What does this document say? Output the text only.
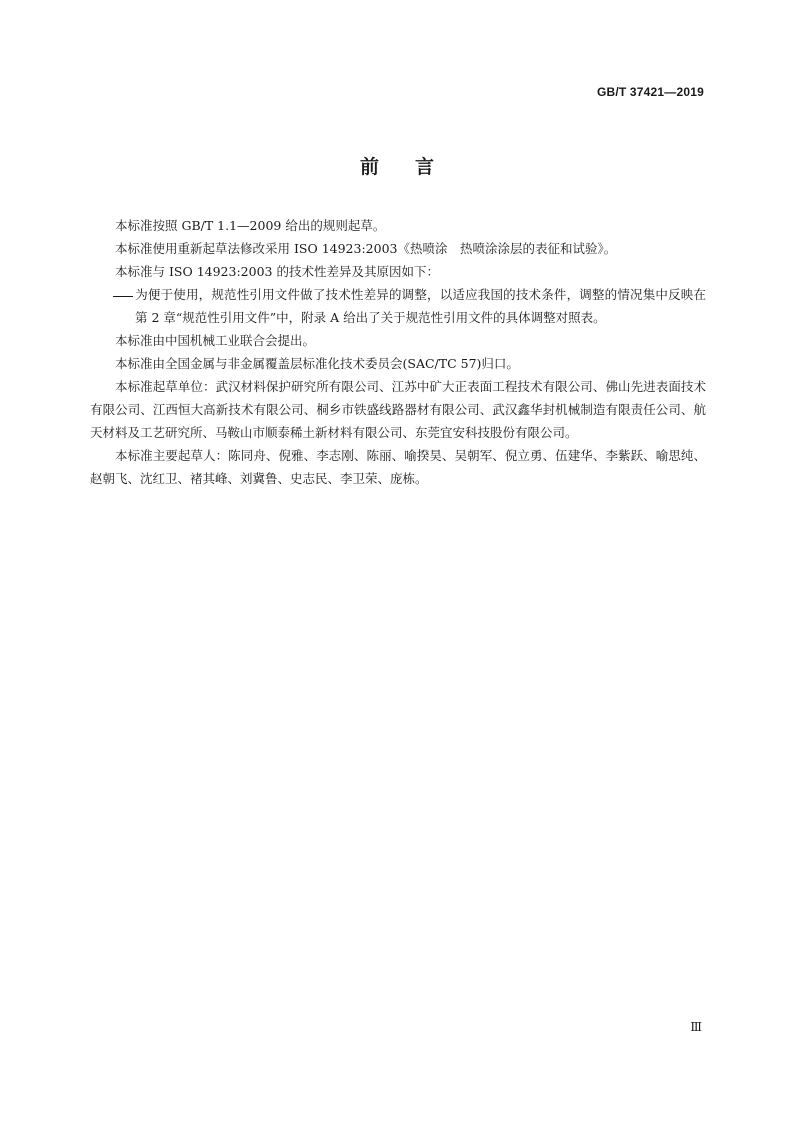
GB/T 37421—2019
前言

本标准按照 GB/T 1.1—2009 给出的规则起草。

本标准使用重新起草法修改采用 ISO 14923:2003《热喷涂　热喷涂涂层的表征和试验》。

本标准与 ISO 14923:2003 的技术性差异及其原因如下：

为便于使用，规范性引用文件做了技术性差异的调整，以适应我国的技术条件，调整的情况集中反映在第 2 章“规范性引用文件”中，附录 A 给出了关于规范性引用文件的具体调整对照表。

本标准由中国机械工业联合会提出。

本标准由全国金属与非金属覆盖层标准化技术委员会(SAC/TC 57)归口。

本标准起草单位：武汉材料保护研究所有限公司、江苏中矿大正表面工程技术有限公司、佛山先进表面技术有限公司、江西恒大高新技术有限公司、桐乡市铁盛线路器材有限公司、武汉鑫华封机械制造有限责任公司、航天材料及工艺研究所、马鞍山市顺泰稀土新材料有限公司、东莞宜安科技股份有限公司。

本标准主要起草人：陈同舟、倪雅、李志刚、陈丽、喻揆昊、吴朝军、倪立勇、伍建华、李紫跃、喻思纯、赵朝飞、沈红卫、褚其峰、刘冀鲁、史志民、李卫荣、庞栋。

Ⅲ
